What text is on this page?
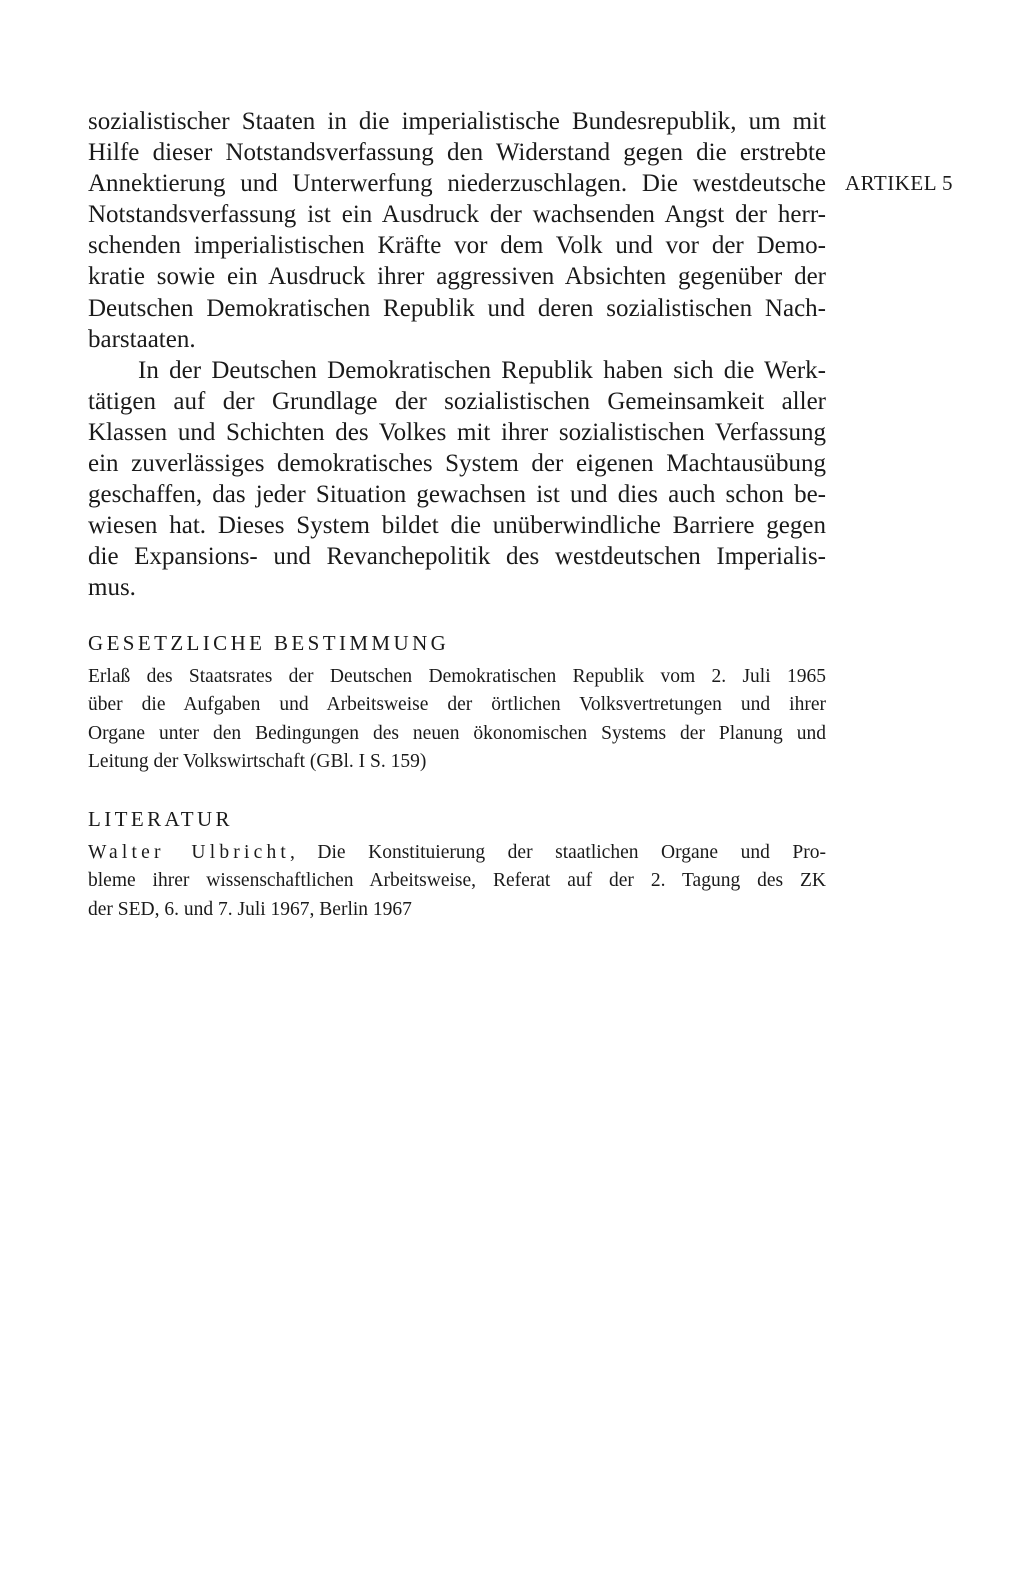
ARTIKEL 5
sozialistischer Staaten in die imperialistische Bundesrepublik, um mit
Hilfe dieser Notstandsverfassung den Widerstand gegen die erstrebte
Annektierung und Unterwerfung niederzuschlagen. Die westdeutsche
Notstandsverfassung ist ein Ausdruck der wachsenden Angst der herr-
schenden imperialistischen Kräfte vor dem Volk und vor der Demo-
kratie sowie ein Ausdruck ihrer aggressiven Absichten gegenüber der
Deutschen Demokratischen Republik und deren sozialistischen Nach-
barstaaten.
In der Deutschen Demokratischen Republik haben sich die Werk-
tätigen auf der Grundlage der sozialistischen Gemeinsamkeit aller
Klassen und Schichten des Volkes mit ihrer sozialistischen Verfassung
ein zuverlässiges demokratisches System der eigenen Machtausübung
geschaffen, das jeder Situation gewachsen ist und dies auch schon be-
wiesen hat. Dieses System bildet die unüberwindliche Barriere gegen
die Expansions- und Revanchepolitik des westdeutschen Imperialis-
mus.
GESETZLICHE BESTIMMUNG
Erlaß des Staatsrates der Deutschen Demokratischen Republik vom 2. Juli 1965
über die Aufgaben und Arbeitsweise der örtlichen Volksvertretungen und ihrer
Organe unter den Bedingungen des neuen ökonomischen Systems der Planung und
Leitung der Volkswirtschaft (GBl. I S. 159)
LITERATUR
Walter Ulbricht, Die Konstituierung der staatlichen Organe und Pro-
bleme ihrer wissenschaftlichen Arbeitsweise, Referat auf der 2. Tagung des ZK
der SED, 6. und 7. Juli 1967, Berlin 1967
